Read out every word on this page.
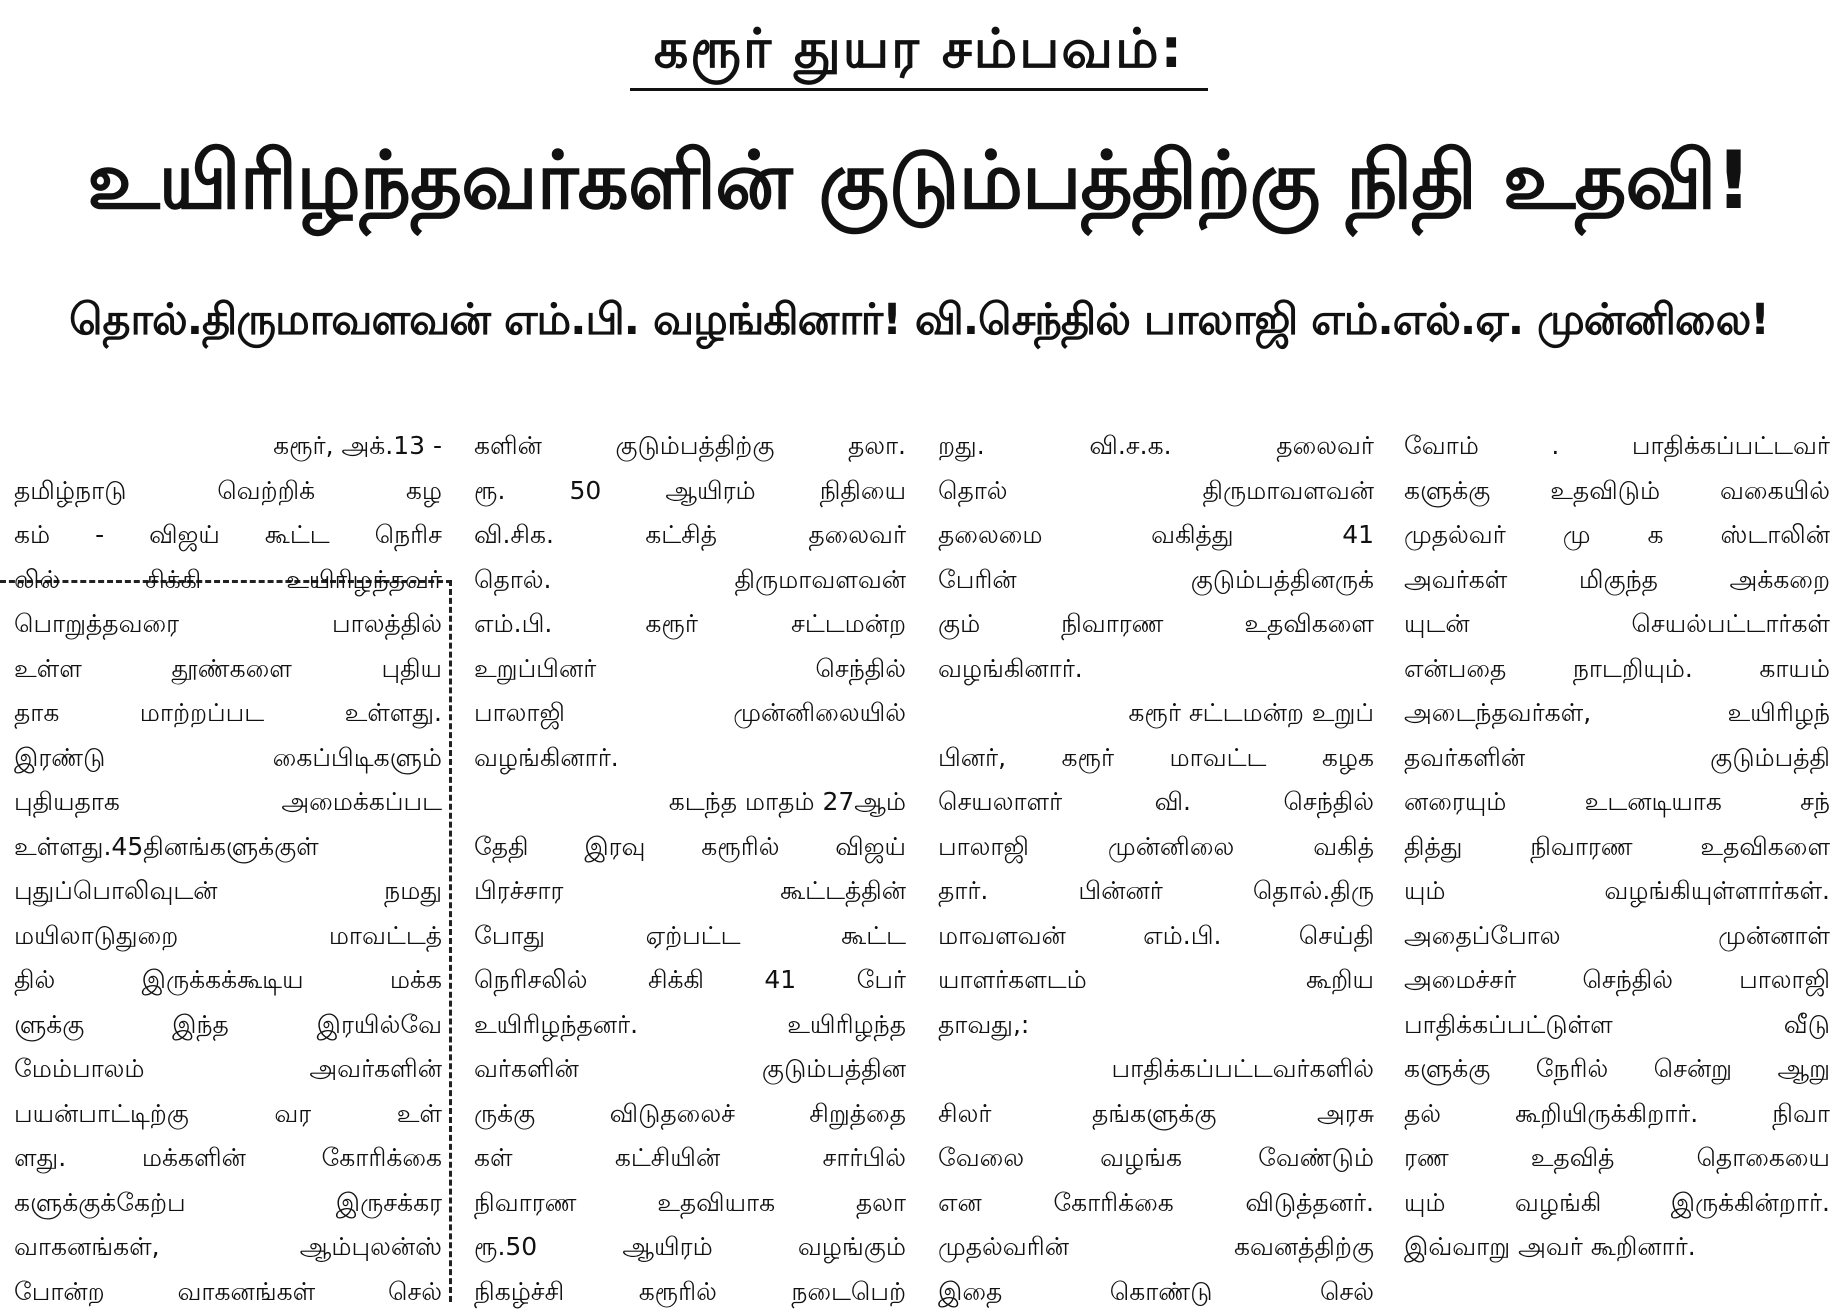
கரூர் துயர சம்பவம்:
உயிரிழந்தவர்களின் குடும்பத்திற்கு நிதி உதவி!
தொல்.திருமாவளவன் எம்.பி. வழங்கினார்! வி.செந்தில் பாலாஜி எம்.எல்.ஏ. முன்னிலை!

கரூர், அக்.13 -

தமிழ்நாடு வெற்றிக் கழ

கம் - விஜய் கூட்ட நெரிச

லில் சிக்கி உயிரிழந்தவர்

பொறுத்தவரை பாலத்தில்

உள்ள தூண்களை புதிய

தாக மாற்றப்பட உள்ளது.

இரண்டு கைப்பிடிகளும்

புதியதாக அமைக்கப்பட

உள்ளது.45தினங்களுக்குள்

புதுப்பொலிவுடன் நமது

மயிலாடுதுறை மாவட்டத்

தில் இருக்கக்கூடிய மக்க

ளுக்கு இந்த இரயில்வே

மேம்பாலம் அவர்களின்

பயன்பாட்டிற்கு வர உள்

ளது. மக்களின் கோரிக்கை

களுக்குக்கேற்ப இருசக்கர

வாகனங்கள், ஆம்புலன்ஸ்

போன்ற வாகனங்கள் செல்

களின் குடும்பத்திற்கு தலா.

ரூ. 50 ஆயிரம் நிதியை

வி.சிக. கட்சித் தலைவர்

தொல். திருமாவளவன்

எம்.பி. கரூர் சட்டமன்ற

உறுப்பினர் செந்தில்

பாலாஜி முன்னிலையில்

வழங்கினார்.

கடந்த மாதம் 27ஆம்

தேதி இரவு கரூரில் விஜய்

பிரச்சார கூட்டத்தின்

போது ஏற்பட்ட கூட்ட

நெரிசலில் சிக்கி 41 பேர்

உயிரிழந்தனர். உயிரிழந்த

வர்களின் குடும்பத்தின

ருக்கு விடுதலைச் சிறுத்தை

கள் கட்சியின் சார்பில்

நிவாரண உதவியாக தலா

ரூ.50 ஆயிரம் வழங்கும்

நிகழ்ச்சி கரூரில் நடைபெற்

றது. வி.ச.க. தலைவர்

தொல் திருமாவளவன்

தலைமை வகித்து 41

பேரின் குடும்பத்தினருக்

கும் நிவாரண உதவிகளை

வழங்கினார்.

கரூர் சட்டமன்ற உறுப்

பினர், கரூர் மாவட்ட கழக

செயலாளர் வி. செந்தில்

பாலாஜி முன்னிலை வகித்

தார். பின்னர் தொல்.திரு

மாவளவன் எம்.பி. செய்தி

யாளர்களடம் கூறிய

தாவது,:

பாதிக்கப்பட்டவர்களில்

சிலர் தங்களுக்கு அரசு

வேலை வழங்க வேண்டும்

என கோரிக்கை விடுத்தனர்.

முதல்வரின் கவனத்திற்கு

இதை கொண்டு செல்

வோம் . பாதிக்கப்பட்டவர்

களுக்கு உதவிடும் வகையில்

முதல்வர் மு க ஸ்டாலின்

அவர்கள் மிகுந்த அக்கறை

யுடன் செயல்பட்டார்கள்

என்பதை நாடறியும். காயம்

அடைந்தவர்கள், உயிரிழந்

தவர்களின் குடும்பத்தி

னரையும் உடனடியாக சந்

தித்து நிவாரண உதவிகளை

யும் வழங்கியுள்ளார்கள்.

அதைப்போல முன்னாள்

அமைச்சர் செந்தில் பாலாஜி

பாதிக்கப்பட்டுள்ள வீடு

களுக்கு நேரில் சென்று ஆறு

தல் கூறியிருக்கிறார். நிவா

ரண உதவித் தொகையை

யும் வழங்கி இருக்கின்றார்.

இவ்வாறு அவர் கூறினார்.
